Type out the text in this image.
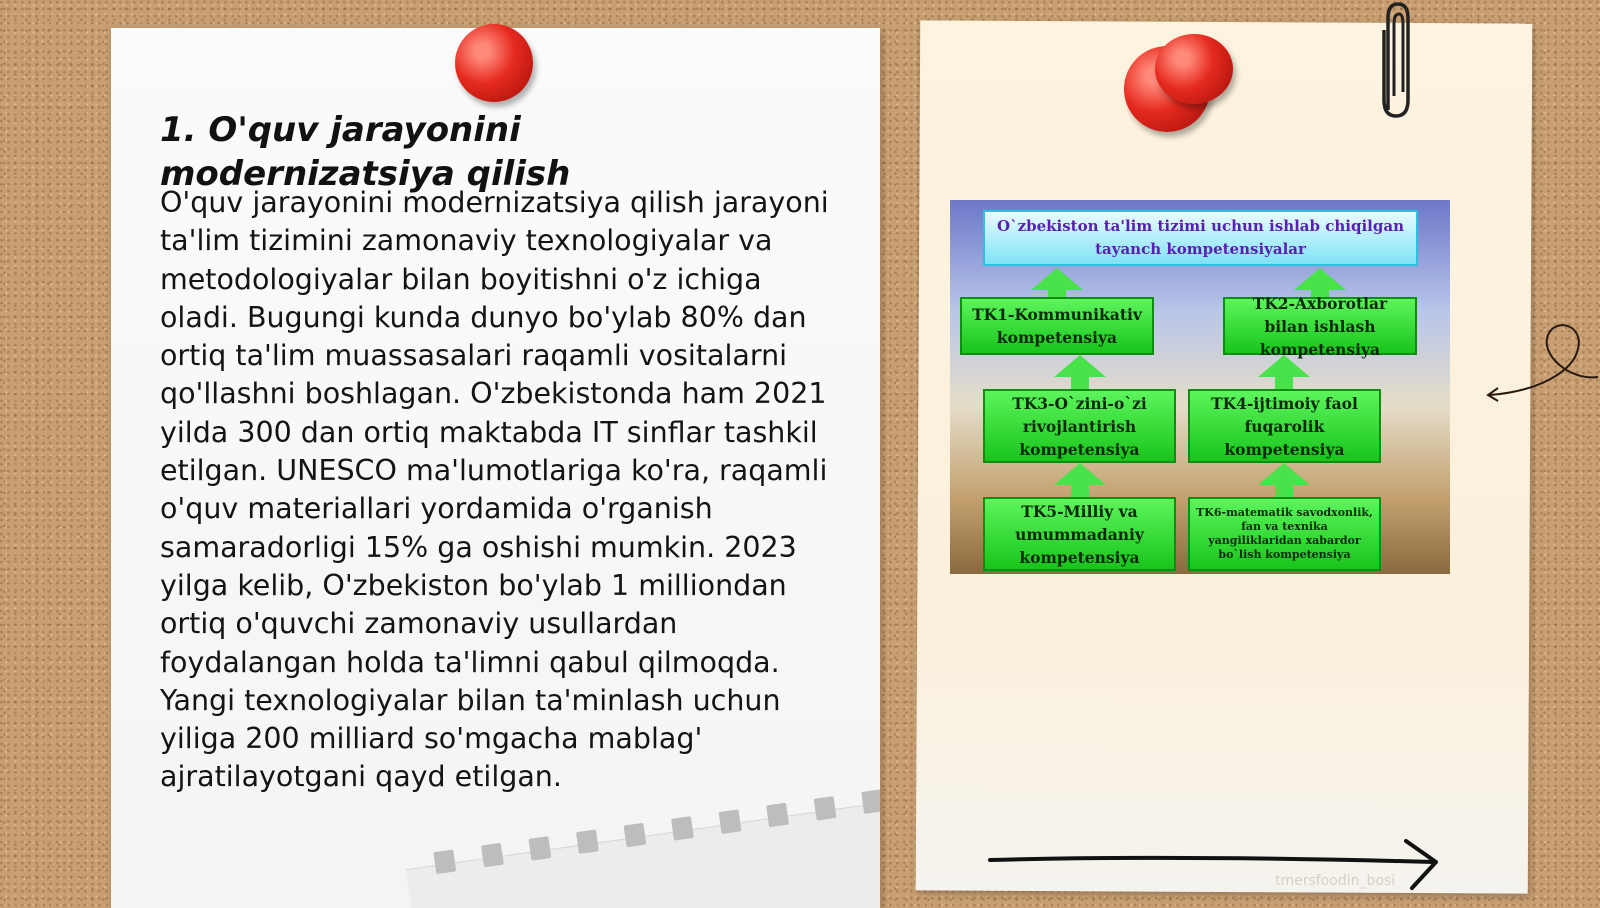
1. O'quv jarayonini modernizatsiya qilish

O'quv jarayonini modernizatsiya qilish jarayoni ta'lim tizimini zamonaviy texnologiyalar va metodologiyalar bilan boyitishni o'z ichiga oladi. Bugungi kunda dunyo bo'ylab 80% dan ortiq ta'lim muassasalari raqamli vositalarni qo'llashni boshlagan. O'zbekistonda ham 2021 yilda 300 dan ortiq maktabda IT sinflar tashkil etilgan. UNESCO ma'lumotlariga ko'ra, raqamli o'quv materiallari yordamida o'rganish samaradorligi 15% ga oshishi mumkin. 2023 yilga kelib, O'zbekiston bo'ylab 1 milliondan ortiq o'quvchi zamonaviy usullardan foydalangan holda ta'limni qabul qilmoqda. Yangi texnologiyalar bilan ta'minlash uchun yiliga 200 milliard so'mgacha mablag' ajratilayotgani qayd etilgan.

O`zbekiston ta'lim tizimi uchun ishlab chiqilgan tayanch kompetensiyalar
TK1-Kommunikativ kompetensiya
TK2-Axborotlar bilan ishlash kompetensiya
TK3-O`zini-o`zi rivojlantirish kompetensiya
TK4-ijtimoiy faol fuqarolik kompetensiya
TK5-Milliy va umummadaniy kompetensiya
TK6-matematik savodxonlik, fan va texnika yangiliklaridan xabardor bo`lish kompetensiya
tmersfoodin_bosi
